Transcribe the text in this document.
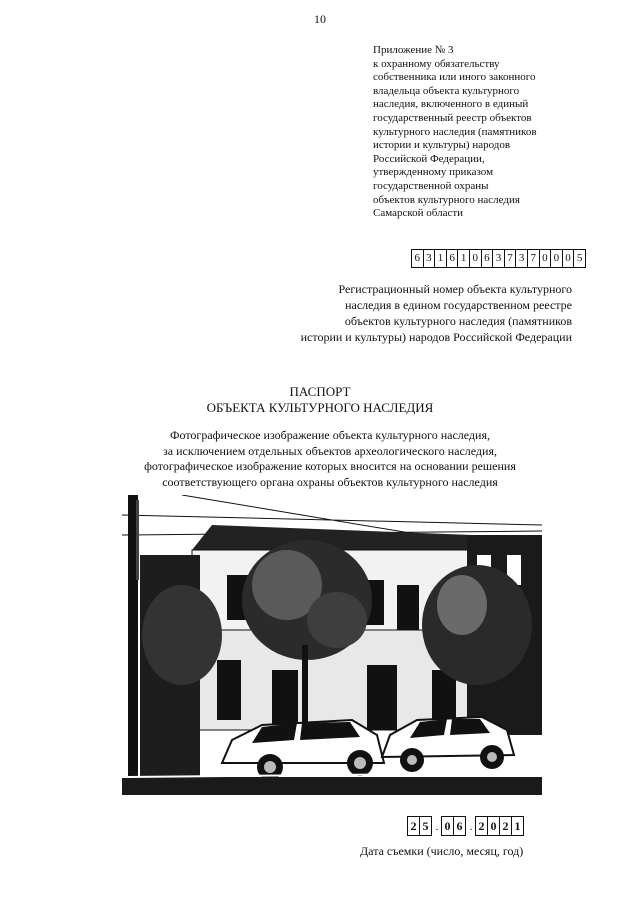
10
Приложение № 3
к охранному обязательству
собственника или иного законного
владельца объекта культурного
наследия, включенного в единый
государственный реестр объектов
культурного наследия (памятников
истории и культуры) народов
Российской Федерации,
утвержденному приказом
государственной охраны
объектов культурного наследия
Самарской области
6 3 1 6 1 0 6 3 7 3 7 0 0 0 5
Регистрационный номер объекта культурного
наследия в едином государственном реестре
объектов культурного наследия (памятников
истории и культуры) народов Российской Федерации
ПАСПОРТ
ОБЪЕКТА КУЛЬТУРНОГО НАСЛЕДИЯ
Фотографическое изображение объекта культурного наследия,
за исключением отдельных объектов археологического наследия,
фотографическое изображение которых вносится на основании решения
соответствующего органа охраны объектов культурного наследия
2 5 . 0 6 . 2 0 2 1
Дата съемки (число, месяц, год)
